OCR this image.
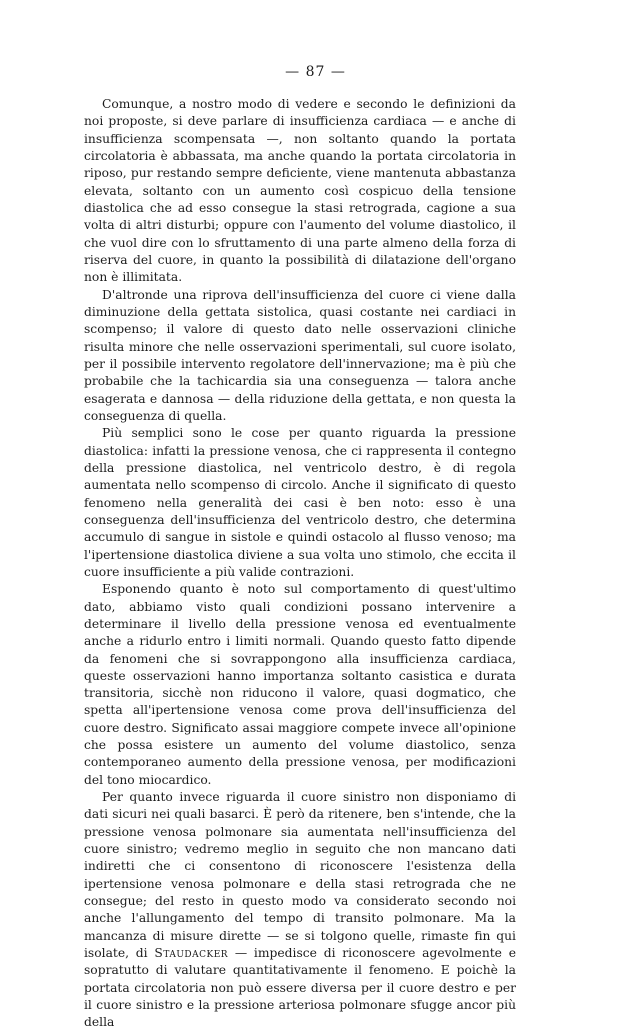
— 87 —

Comunque, a nostro modo di vedere e secondo le definizioni da noi proposte, si deve parlare di insufficienza cardiaca — e anche di insufficienza scompensata —, non soltanto quando la portata circolatoria è abbassata, ma anche quando la portata circolatoria in riposo, pur restando sempre deficiente, viene mantenuta abbastanza elevata, soltanto con un aumento così cospicuo della tensione diastolica che ad esso consegue la stasi retrograda, cagione a sua volta di altri disturbi; oppure con l'aumento del volume diastolico, il che vuol dire con lo sfruttamento di una parte almeno della forza di riserva del cuore, in quanto la possibilità di dilatazione dell'organo non è illimitata.

D'altronde una riprova dell'insufficienza del cuore ci viene dalla diminuzione della gettata sistolica, quasi costante nei cardiaci in scompenso; il valore di questo dato nelle osservazioni cliniche risulta minore che nelle osservazioni sperimentali, sul cuore isolato, per il possibile intervento regolatore dell'innervazione; ma è più che probabile che la tachicardia sia una conseguenza — talora anche esagerata e dannosa — della riduzione della gettata, e non questa la conseguenza di quella.

Più semplici sono le cose per quanto riguarda la pressione diastolica: infatti la pressione venosa, che ci rappresenta il contegno della pressione diastolica, nel ventricolo destro, è di regola aumentata nello scompenso di circolo. Anche il significato di questo fenomeno nella generalità dei casi è ben noto: esso è una conseguenza dell'insufficienza del ventricolo destro, che determina accumulo di sangue in sistole e quindi ostacolo al flusso venoso; ma l'ipertensione diastolica diviene a sua volta uno stimolo, che eccita il cuore insufficiente a più valide contrazioni.

Esponendo quanto è noto sul comportamento di quest'ultimo dato, abbiamo visto quali condizioni possano intervenire a determinare il livello della pressione venosa ed eventualmente anche a ridurlo entro i limiti normali. Quando questo fatto dipende da fenomeni che si sovrappongono alla insufficienza cardiaca, queste osservazioni hanno importanza soltanto casistica e durata transitoria, sicchè non riducono il valore, quasi dogmatico, che spetta all'ipertensione venosa come prova dell'insufficienza del cuore destro. Significato assai maggiore compete invece all'opinione che possa esistere un aumento del volume diastolico, senza contemporaneo aumento della pressione venosa, per modificazioni del tono miocardico.

Per quanto invece riguarda il cuore sinistro non disponiamo di dati sicuri nei quali basarci. È però da ritenere, ben s'intende, che la pressione venosa polmonare sia aumentata nell'insufficienza del cuore sinistro; vedremo meglio in seguito che non mancano dati indiretti che ci consentono di riconoscere l'esistenza della ipertensione venosa polmonare e della stasi retrograda che ne consegue; del resto in questo modo va considerato secondo noi anche l'allungamento del tempo di transito polmonare. Ma la mancanza di misure dirette — se si tolgono quelle, rimaste fin qui isolate, di Staudacker — impedisce di riconoscere agevolmente e sopratutto di valutare quantitativamente il fenomeno. E poichè la portata circolatoria non può essere diversa per il cuore destro e per il cuore sinistro e la pressione arteriosa polmonare sfugge ancor più della
